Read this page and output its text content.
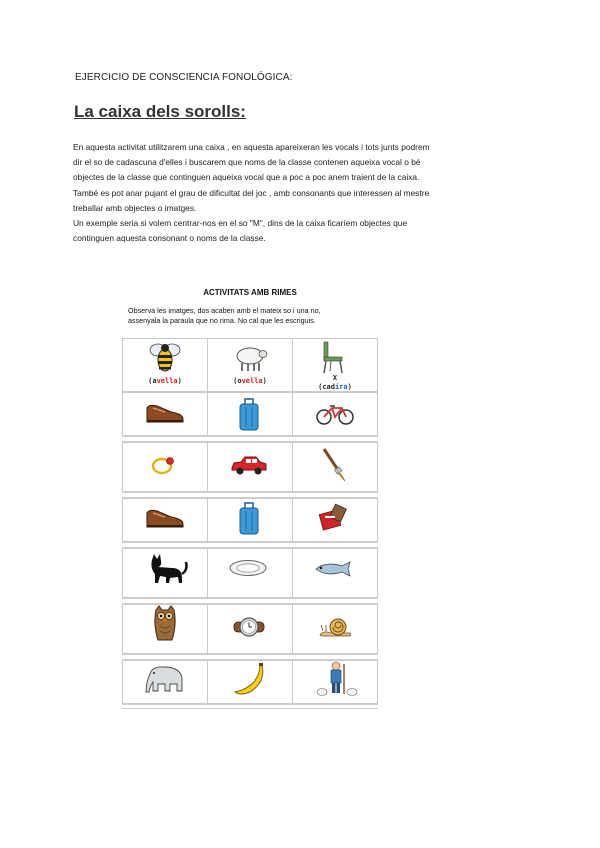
EJERCICIO DE CONSCIENCIA FONOLÓGICA:
La caixa dels sorolls:

En aquesta activitat utilitzarem una caixa , en aquesta apareixeran les vocals i tots junts podrem

dir el so de cadascuna d'elles i buscarem que noms de la classe contenen aqueixa vocal o bé

objectes de la classe que continguen aqueixa vocal que a poc a poc anem traient de la caixa.

També es pot anar pujant el grau de dificultat del joc , amb consonants que interessen al mestre

treballar amb objectes o imatges.

Un exemple seria si volem centrar-nos en el so "M", dins de la caixa ficaríem objectes que

continguen aquesta consonant o noms de la classe.

ACTIVITATS AMB RIMES

Observa les imatges, dos acaben amb el mateix so i una no,

assenyala la paraula que no rima. No cal que les escriguis.

(avella)	(ovella)	X
(cadira)
